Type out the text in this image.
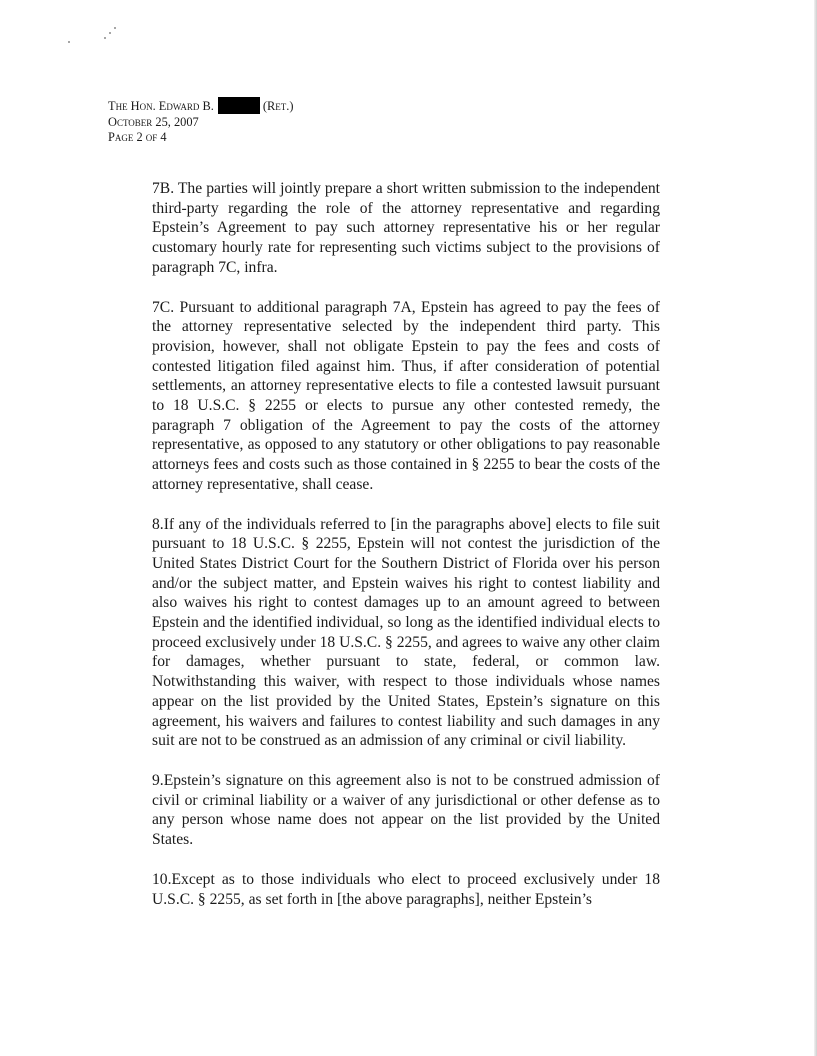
The Hon. Edward B.	(Ret.)
October 25, 2007
Page 2 of 4

7B. The parties will jointly prepare a short written submission to the independent third-party regarding the role of the attorney representative and regarding Epstein’s Agreement to pay such attorney representative his or her regular customary hourly rate for representing such victims subject to the provisions of paragraph 7C, infra.

7C. Pursuant to additional paragraph 7A, Epstein has agreed to pay the fees of the attorney representative selected by the independent third party. This provision, however, shall not obligate Epstein to pay the fees and costs of contested litigation filed against him. Thus, if after consideration of potential settlements, an attorney representative elects to file a contested lawsuit pursuant to 18 U.S.C. § 2255 or elects to pursue any other contested remedy, the paragraph 7 obligation of the Agreement to pay the costs of the attorney representative, as opposed to any statutory or other obligations to pay reasonable attorneys fees and costs such as those contained in § 2255 to bear the costs of the attorney representative, shall cease.

8.If any of the individuals referred to [in the paragraphs above] elects to file suit pursuant to 18 U.S.C. § 2255, Epstein will not contest the jurisdiction of the United States District Court for the Southern District of Florida over his person and/or the subject matter, and Epstein waives his right to contest liability and also waives his right to contest damages up to an amount agreed to between Epstein and the identified individual, so long as the identified individual elects to proceed exclusively under 18 U.S.C. § 2255, and agrees to waive any other claim for damages, whether pursuant to state, federal, or common law. Notwithstanding this waiver, with respect to those individuals whose names appear on the list provided by the United States, Epstein’s signature on this agreement, his waivers and failures to contest liability and such damages in any suit are not to be construed as an admission of any criminal or civil liability.

9.Epstein’s signature on this agreement also is not to be construed admission of civil or criminal liability or a waiver of any jurisdictional or other defense as to any person whose name does not appear on the list provided by the United States.

10.Except as to those individuals who elect to proceed exclusively under 18 U.S.C. § 2255, as set forth in [the above paragraphs], neither Epstein’s
